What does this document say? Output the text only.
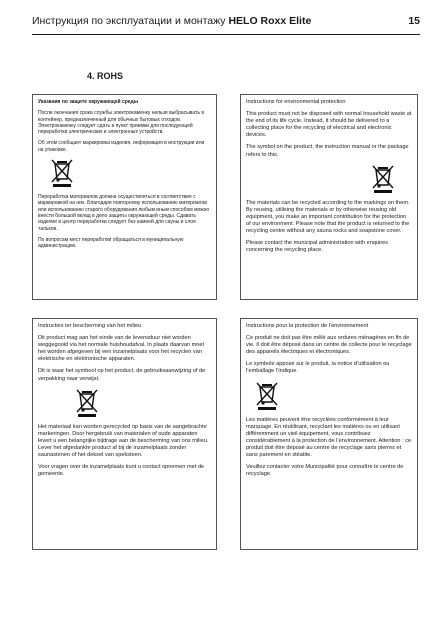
Инструкция по эксплуатации и монтажу HELO Roxx Elite	15
4. ROHS

Указания по защите окружающей среды

После окончания срока службы электрокаменку нельзя выбрасывать в контейнер, предназначенный для обычных бытовых отходов. Электрокаменку следует сдать в пункт приемки для последующей переработки электрических и электронных устройств.

Об этом сообщает маркировка изделия, информация в инструкции или на упаковке.

Переработка материалов должна осуществляться в соответствие с маркировкой на них. Благодаря повторному использованию материалов или использованию старого оборудования любым иным способом можно внести большой вклад в дело защиты окружающей среды. Сдавать изделие в центр переработки следует без камней для сауны и слоя тальков.

По вопросам мест переработки обращаться в муниципальную администрацию.

Instructions for environmental protection

This product must not be disposed with normal household waste at the end of its life cycle. Instead, it should be delivered to a collecting place for the recycling of electrical and electronic devices.

The symbol on the product, the instruction manual or the package refers to this.

The materials can be recycled according to the markings on them. By reusing, utilising the materials or by otherwise reusing old equipment, you make an important contribution for the protection of our environment. Please note that the product is returned to the recycling centre without any sauna rocks and soapstone cover.

Please contact the municipal administration with enquires concerning the recycling place.

Instructies ter bescherming van het milieu

Dit product mag aan het einde van de levensduur niet worden weggegooid via het normale huishoudafval. In plaats daarvan moet het worden afgegeven bij een inzamelplaats voor het recyclen van elektrische en elektronische apparaten.

Dit is waar het symbool op het product, de gebruiksaanwijzing of de verpakking naar verwijst.

Het materiaal kan worden gerecycled op basis van de aangebrachte markeringen. Door hergebruik van materialen of oude apparaten levert u een belangrijke bijdrage aan de bescherming van ons milieu. Lever het afgedankte product af bij de inzamelplaats zonder saunastenen of het deksel van speksteen.

Voor vragen over de inzamelplaats kunt u contact opnemen met de gemeente.

Instructions pour la protection de l’environnement

Ce produit ne doit pas être mêlé aux ordures ménagères en fin de vie. Il doit être déposé dans un centre de collecte pour le recyclage des appareils électriques et électroniques.

Le symbole apposé sur le produit, la notice d’utilisation ou l’emballage l’indique.

Les matières peuvent être recyclées conformément à leur marquage. En réutilisant, recyclant les matières ou en utilisant différemment un vieil équipement, vous contribuez considérablement à la protection de l’environnement. Attention : ce produit doit être déposé au centre de recyclage sans pierres et sans parement en stéatite.

Veuillez contacter votre Municipalité pour connaître le centre de recyclage.
